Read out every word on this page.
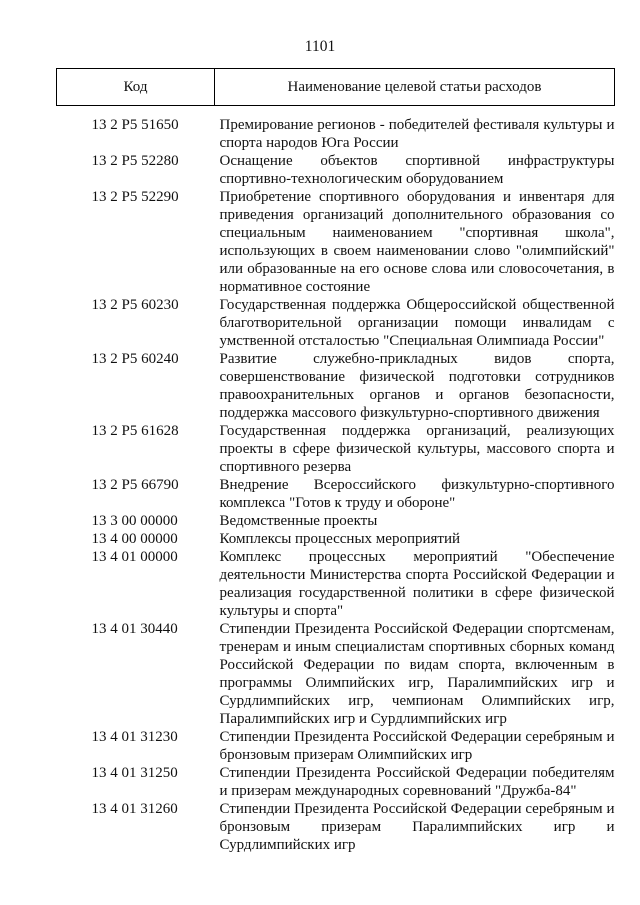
1101
Код	Наименование целевой статьи расходов
13 2 Р5 51650	Премирование регионов - победителей фестиваля культуры и спорта народов Юга России
13 2 Р5 52280	Оснащение объектов спортивной инфраструктуры спортивно-технологическим оборудованием
13 2 Р5 52290	Приобретение спортивного оборудования и инвентаря для приведения организаций дополнительного образования со специальным наименованием "спортивная школа", использующих в своем наименовании слово "олимпийский" или образованные на его основе слова или словосочетания, в нормативное состояние
13 2 Р5 60230	Государственная поддержка Общероссийской общественной благотворительной организации помощи инвалидам с умственной отсталостью "Специальная Олимпиада России"
13 2 Р5 60240	Развитие служебно-прикладных видов спорта, совершенствование физической подготовки сотрудников правоохранительных органов и органов безопасности, поддержка массового физкультурно-спортивного движения
13 2 Р5 61628	Государственная поддержка организаций, реализующих проекты в сфере физической культуры, массового спорта и спортивного резерва
13 2 Р5 66790	Внедрение Всероссийского физкультурно-спортивного комплекса "Готов к труду и обороне"
13 3 00 00000	Ведомственные проекты
13 4 00 00000	Комплексы процессных мероприятий
13 4 01 00000	Комплекс процессных мероприятий "Обеспечение деятельности Министерства спорта Российской Федерации и реализация государственной политики в сфере физической культуры и спорта"
13 4 01 30440	Стипендии Президента Российской Федерации спортсменам, тренерам и иным специалистам спортивных сборных команд Российской Федерации по видам спорта, включенным в программы Олимпийских игр, Паралимпийских игр и Сурдлимпийских игр, чемпионам Олимпийских игр, Паралимпийских игр и Сурдлимпийских игр
13 4 01 31230	Стипендии Президента Российской Федерации серебряным и бронзовым призерам Олимпийских игр
13 4 01 31250	Стипендии Президента Российской Федерации победителям и призерам международных соревнований "Дружба-84"
13 4 01 31260	Стипендии Президента Российской Федерации серебряным и бронзовым призерам Паралимпийских игр и Сурдлимпийских игр
